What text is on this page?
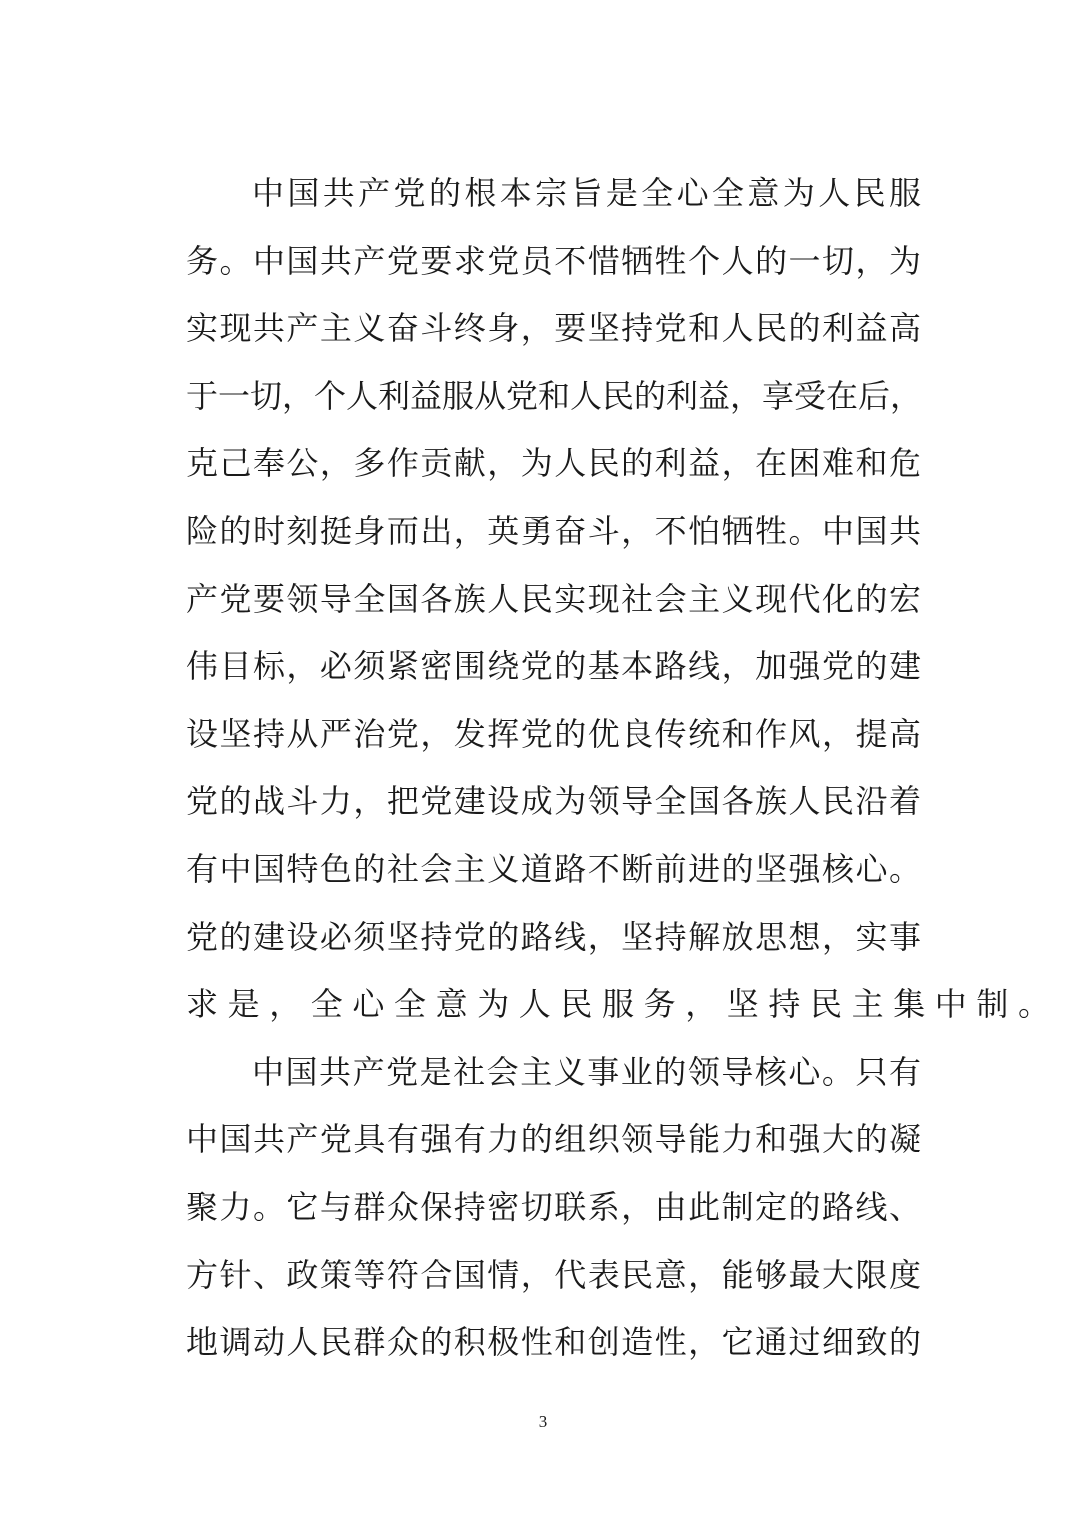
中国共产党的根本宗旨是全心全意为人民服
务。中国共产党要求党员不惜牺牲个人的一切，为
实现共产主义奋斗终身，要坚持党和人民的利益高
于一切，个人利益服从党和人民的利益，享受在后，
克己奉公，多作贡献，为人民的利益，在困难和危
险的时刻挺身而出，英勇奋斗，不怕牺牲。中国共
产党要领导全国各族人民实现社会主义现代化的宏
伟目标，必须紧密围绕党的基本路线，加强党的建
设坚持从严治党，发挥党的优良传统和作风，提高
党的战斗力，把党建设成为领导全国各族人民沿着
有中国特色的社会主义道路不断前进的坚强核心。
党的建设必须坚持党的路线，坚持解放思想，实事
求是，全心全意为人民服务，坚持民主集中制。

中国共产党是社会主义事业的领导核心。只有
中国共产党具有强有力的组织领导能力和强大的凝
聚力。它与群众保持密切联系，由此制定的路线、
方针、政策等符合国情，代表民意，能够最大限度
地调动人民群众的积极性和创造性，它通过细致的

3
